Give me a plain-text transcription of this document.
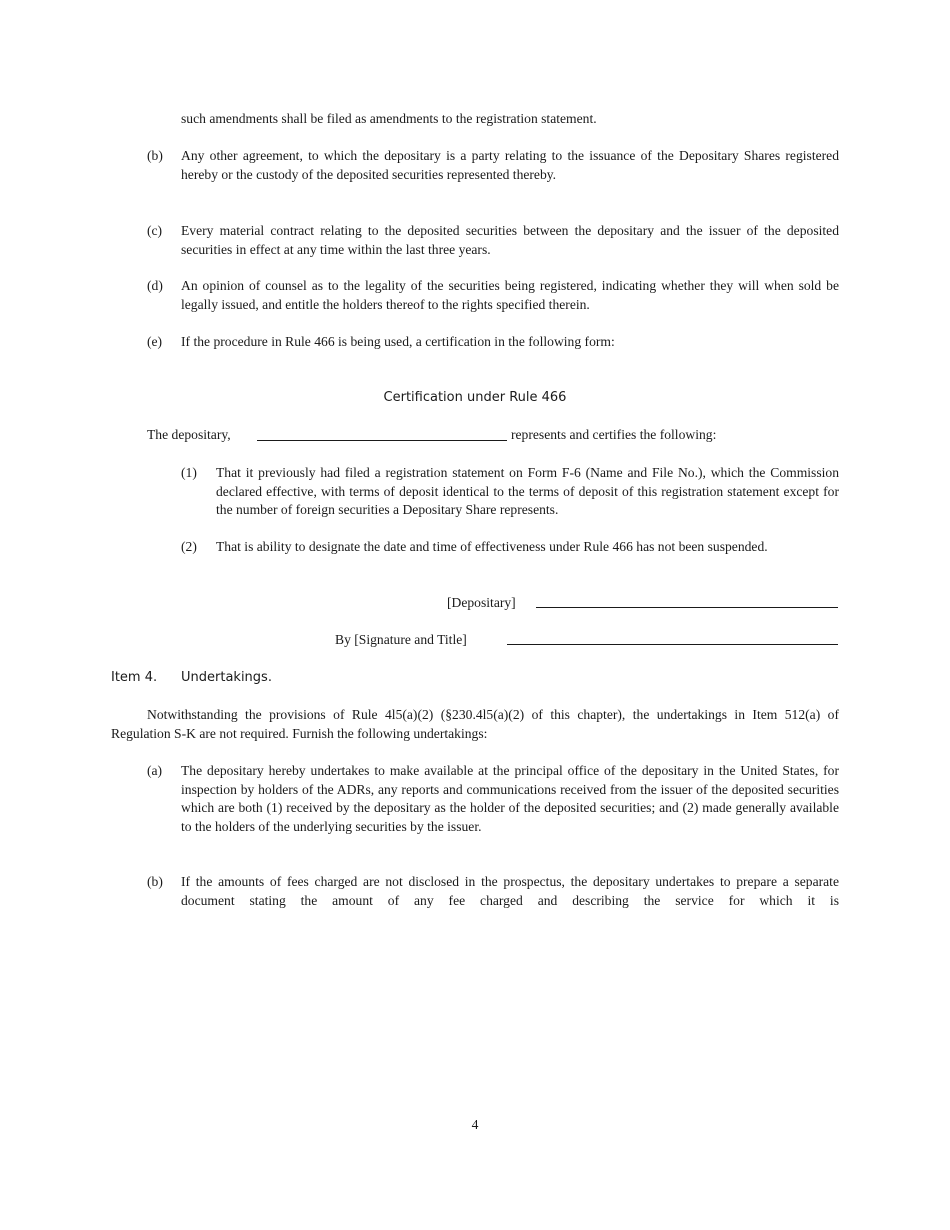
such amendments shall be filed as amendments to the registration statement.
(b) Any other agreement, to which the depositary is a party relating to the issuance of the Depositary Shares registered hereby or the custody of the deposited securities represented thereby.
(c) Every material contract relating to the deposited securities between the depositary and the issuer of the deposited securities in effect at any time within the last three years.
(d) An opinion of counsel as to the legality of the securities being registered, indicating whether they will when sold be legally issued, and entitle the holders thereof to the rights specified therein.
(e) If the procedure in Rule 466 is being used, a certification in the following form:
Certification under Rule 466
The depositary,	represents and certifies the following:
(1) That it previously had filed a registration statement on Form F-6 (Name and File No.), which the Commission declared effective, with terms of deposit identical to the terms of deposit of this registration statement except for the number of foreign securities a Depositary Share represents.
(2) That is ability to designate the date and time of effectiveness under Rule 466 has not been suspended.
[Depositary]
By [Signature and Title]
Item 4. Undertakings.
Notwithstanding the provisions of Rule 4l5(a)(2) (§230.4l5(a)(2) of this chapter), the undertakings in Item 512(a) of Regulation S-K are not required. Furnish the following undertakings:
(a) The depositary hereby undertakes to make available at the principal office of the depositary in the United States, for inspection by holders of the ADRs, any reports and communications received from the issuer of the deposited securities which are both (1) received by the depositary as the holder of the deposited securities; and (2) made generally available to the holders of the underlying securities by the issuer.
(b) If the amounts of fees charged are not disclosed in the prospectus, the depositary undertakes to prepare a separate document stating the amount of any fee charged and describing the service for which it is
4
